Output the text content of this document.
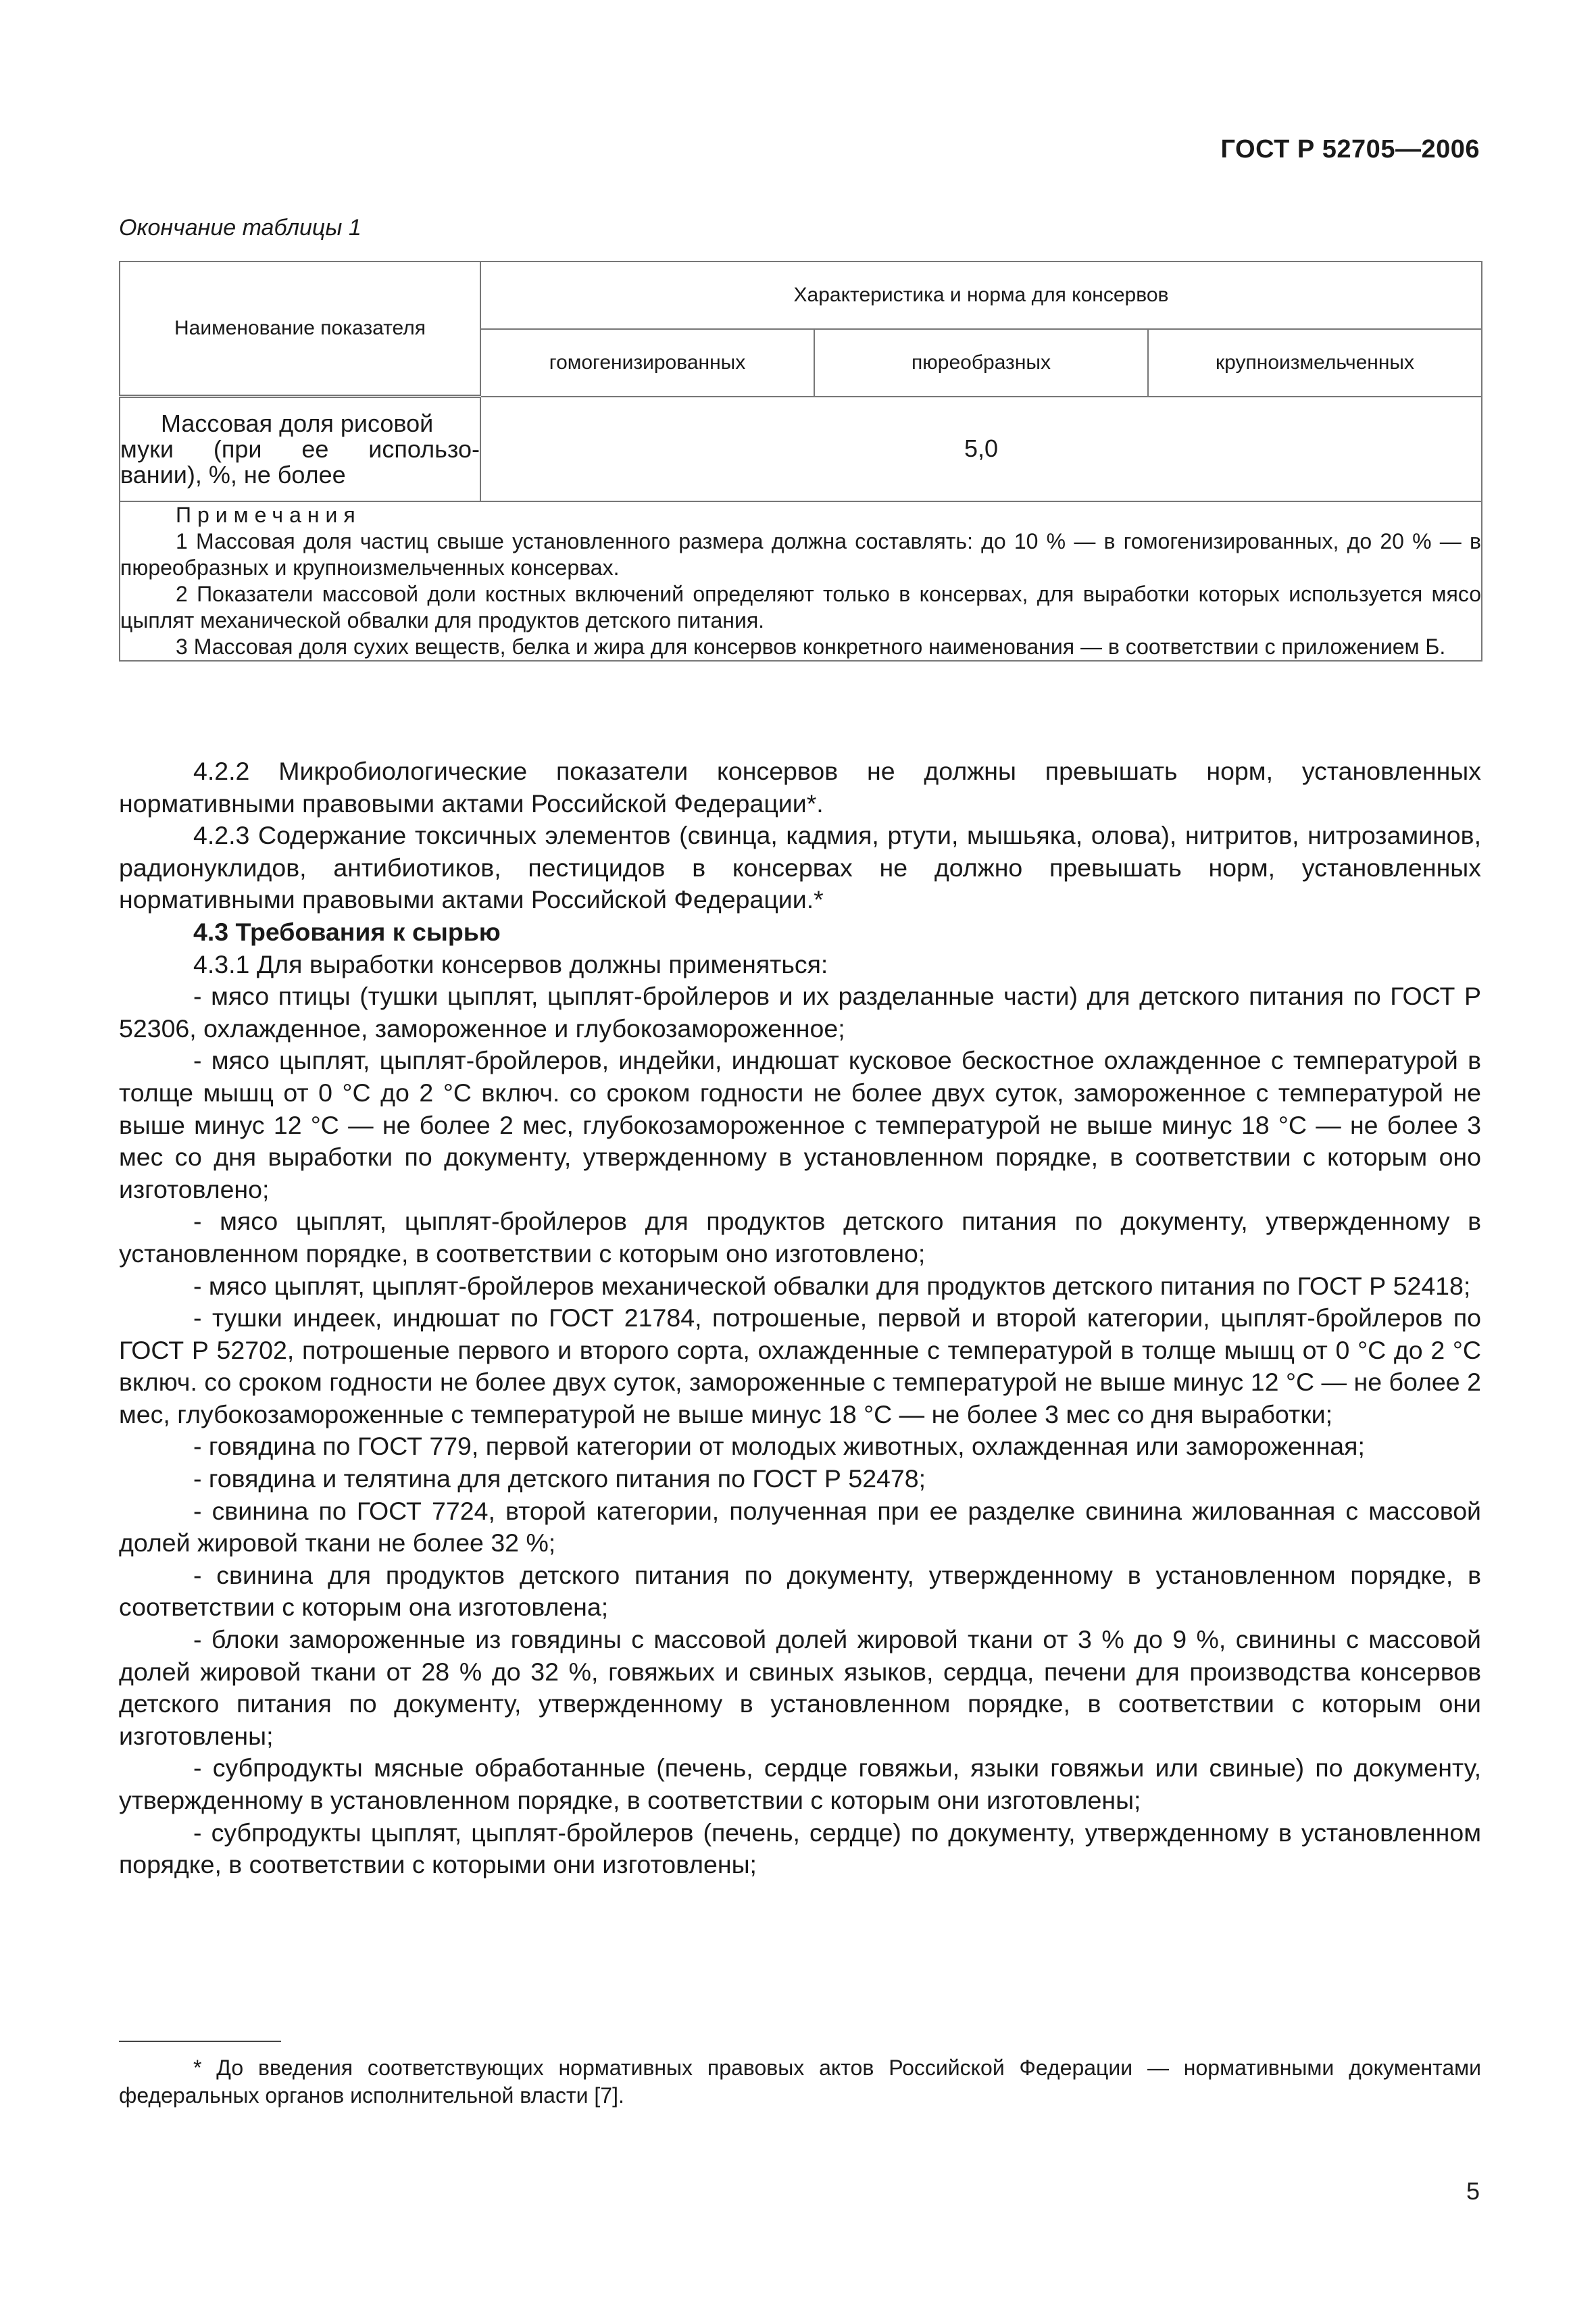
ГОСТ Р 52705—2006
Окончание таблицы 1
Наименование показателя	Характеристика и норма для консервов		
	гомогенизированных	пюреобразных	крупноизмельченных

Массовая доля рисовой
муки (при ее использо-
вании), %, не более	5,0		

Примечания
1 Массовая доля частиц свыше установленного размера должна составлять: до 10 % — в гомогенизированных, до 20 % — в пюреобразных и крупноизмельченных консервах.
2 Показатели массовой доли костных включений определяют только в консервах, для выработки которых используется мясо цыплят механической обвалки для продуктов детского питания.
3 Массовая доля сухих веществ, белка и жира для консервов конкретного наименования — в соответствии с приложением Б.			

4.2.2 Микробиологические показатели консервов не должны превышать норм, установленных нормативными правовыми актами Российской Федерации*.

4.2.3 Содержание токсичных элементов (свинца, кадмия, ртути, мышьяка, олова), нитритов, нитрозаминов, радионуклидов, антибиотиков, пестицидов в консервах не должно превышать норм, установленных нормативными правовыми актами Российской Федерации.*

4.3 Требования к сырью

4.3.1 Для выработки консервов должны применяться:

- мясо птицы (тушки цыплят, цыплят-бройлеров и их разделанные части) для детского питания по ГОСТ Р 52306, охлажденное, замороженное и глубокозамороженное;

- мясо цыплят, цыплят-бройлеров, индейки, индюшат кусковое бескостное охлажденное с температурой в толще мышц от 0 °С до 2 °С включ. со сроком годности не более двух суток, замороженное с температурой не выше минус 12 °С — не более 2 мес, глубокозамороженное с температурой не выше минус 18 °С — не более 3 мес со дня выработки по документу, утвержденному в установленном порядке, в соответствии с которым оно изготовлено;

- мясо цыплят, цыплят-бройлеров для продуктов детского питания по документу, утвержденному в установленном порядке, в соответствии с которым оно изготовлено;

- мясо цыплят, цыплят-бройлеров механической обвалки для продуктов детского питания по ГОСТ Р 52418;

- тушки индеек, индюшат по ГОСТ 21784, потрошеные, первой и второй категории, цыплят-бройлеров по ГОСТ Р 52702, потрошеные первого и второго сорта, охлажденные с температурой в толще мышц от 0 °С до 2 °С включ. со сроком годности не более двух суток, замороженные с температурой не выше минус 12 °С — не более 2 мес, глубокозамороженные с температурой не выше минус 18 °С — не более 3 мес со дня выработки;

- говядина по ГОСТ 779, первой категории от молодых животных, охлажденная или замороженная;

- говядина и телятина для детского питания по ГОСТ Р 52478;

- свинина по ГОСТ 7724, второй категории, полученная при ее разделке свинина жилованная с массовой долей жировой ткани не более 32 %;

- свинина для продуктов детского питания по документу, утвержденному в установленном порядке, в соответствии с которым она изготовлена;

- блоки замороженные из говядины с массовой долей жировой ткани от 3 % до 9 %, свинины с массовой долей жировой ткани от 28 % до 32 %, говяжьих и свиных языков, сердца, печени для производства консервов детского питания по документу, утвержденному в установленном порядке, в соответствии с которым они изготовлены;

- субпродукты мясные обработанные (печень, сердце говяжьи, языки говяжьи или свиные) по документу, утвержденному в установленном порядке, в соответствии с которым они изготовлены;

- субпродукты цыплят, цыплят-бройлеров (печень, сердце) по документу, утвержденному в установленном порядке, в соответствии с которыми они изготовлены;

* До введения соответствующих нормативных правовых актов Российской Федерации — нормативными документами федеральных органов исполнительной власти [7].
5
